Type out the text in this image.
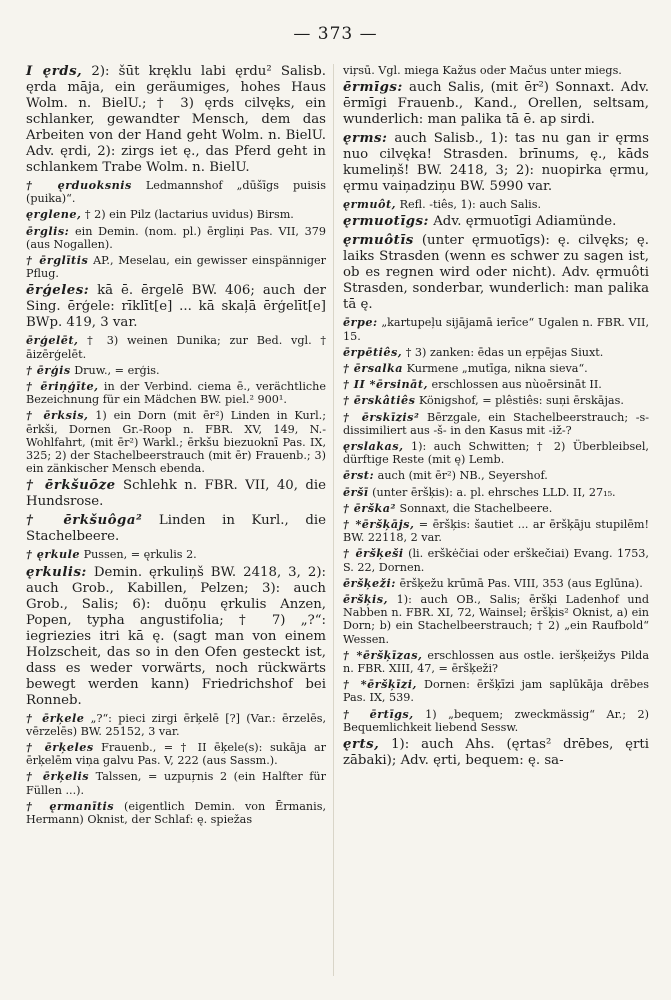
— 373 —

I ęrds, 2): šūt kręklu labi ęrdu² Salisb. ęrda māja, ein geräumiges, hohes Haus Wolm. n. BielU.; † 3) ęrds cilvęks, ein schlanker, gewandter Mensch, dem das Arbeiten von der Hand geht Wolm. n. BielU. Adv. ęrdi, 2): zirgs iet ę., das Pferd geht in schlankem Trabe Wolm. n. BielU.

† ęrduoksnis Ledmannshof „dūšīgs puisis (puika)“.

ęrglene, † 2) ein Pilz (lactarius uvidus) Birsm.

ērglis: ein Demin. (nom. pl.) ērgliņi Pas. VII, 379 (aus Nogallen).

† ērglītis AP., Meselau, ein gewisser einspänniger Pflug.

ērģeles: kā ē. ērgelē BW. 406; auch der Sing. ērģele: rīklīt[e] ... kā skaļā ērģelīt[e] BWp. 419, 3 var.

ērģelēt, † 3) weinen Dunika; zur Bed. vgl. † āizērģelēt.

† ērģis Druw., = erģis.

† ēriņģīte, in der Verbind. ciema ē., verächtliche Bezeichnung für ein Mädchen BW. piel.² 900¹.

† ērksis, 1) ein Dorn (mit ēr²) Linden in Kurl.; ērkši, Dornen Gr.-Roop n. FBR. XV, 149, N.-Wohlfahrt, (mit ēr²) Warkl.; ērkšu biezuoknī Pas. IX, 325; 2) der Stachelbeerstrauch (mit ēr) Frauenb.; 3) ein zänkischer Mensch ebenda.

† ērkšuōze Schlehk n. FBR. VII, 40, die Hundsrose.

† ērkšuôga² Linden in Kurl., die Stachelbeere.

† ęrkule Pussen, = ęrkulis 2.

ęrkulis: Demin. ęrkuliņš BW. 2418, 3, 2): auch Grob., Kabillen, Pelzen; 3): auch Grob., Salis; 6): duõņu ęrkulis Anzen, Popen, typha angustifolia; † 7) „?“: iegriezies itri kā ę. (sagt man von einem Holzscheit, das so in den Ofen gesteckt ist, dass es weder vorwärts, noch rückwärts bewegt werden kann) Friedrichshof bei Ronneb.

† ērķele „?“: pieci zirgi ērķelē [?] (Var.: ērzelēs, vērzelēs) BW. 25152, 3 var.

† ērķeles Frauenb., = † II ēķele(s): sukāja ar ērķelēm viņa galvu Pas. V, 222 (aus Sassm.).

† ērķelis Talssen, = uzpuŗnis 2 (ein Halfter für Füllen ...).

† ęrmanītis (eigentlich Demin. von Ērmanis, Hermann) Oknist, der Schlaf: ę. spiežas

viŗsū. Vgl. miega Kažus oder Mačus unter miegs.

ērmīgs: auch Salis, (mit ēr²) Sonnaxt. Adv. ērmīgi Frauenb., Kand., Orellen, seltsam, wunderlich: man palika tā ē. ap sirdi.

ęrms: auch Salisb., 1): tas nu gan ir ęrms nuo cilvęka! Strasden. brīnums, ę., kāds kumeliņš! BW. 2418, 3; 2): nuopirka ęrmu, ęrmu vaiņadziņu BW. 5990 var.

ęrmuôt, Refl. -tiês, 1): auch Salis.

ęrmuotīgs: Adv. ęrmuotīgi Adiamünde.

ęrmuôtīs (unter ęrmuotīgs): ę. cilvęks; ę. laiks Strasden (wenn es schwer zu sagen ist, ob es regnen wird oder nicht). Adv. ęrmuôti Strasden, sonderbar, wunderlich: man palika tā ę.

ērpe: „kartupeļu sijājamā ierīce“ Ugalen n. FBR. VII, 15.

ērpētiês, † 3) zanken: ēdas un eŗpējas Siuxt.

† ērsalka Kurmene „mutīga, nikna sieva“.

† II *ērsināt, erschlossen aus nùoērsināt II.

† ērskâtiês Königshof, = plêstiês: suņi ērskājas.

† ērskīzis² Bērzgale, ein Stachelbeerstrauch; -s- dissimiliert aus -š- in den Kasus mit -iž-?

ęrslakas, 1): auch Schwitten; † 2) Überbleibsel, dürftige Reste (mit ę) Lemb.

ērst: auch (mit ēr²) NB., Seyershof.

ēršī (unter ēršķis): a. pl. ehrsches LLD. II, 27₁₅.

† ērška² Sonnaxt, die Stachelbeere.

† *ēršķājs, = ēršķis: šautiet ... ar ēršķāju stupilēm! BW. 22118, 2 var.

† ēršķeši (li. erškėčiai oder erškečiai) Evang. 1753, S. 22, Dornen.

ēršķeži: ēršķežu krūmā Pas. VIII, 353 (aus Eglūna).

ēršķis, 1): auch OB., Salis; ēršķi Ladenhof und Nabben n. FBR. XI, 72, Wainsel; ēršķis² Oknist, a) ein Dorn; b) ein Stachelbeerstrauch; † 2) „ein Raufbold“ Wessen.

† *ēršķīzas, erschlossen aus ostle. ieršķeižys Pilda n. FBR. XIII, 47, = ēršķeži?

† *ēršķīzi, Dornen: ēršķīzi jam saplūkāja drēbes Pas. IX, 539.

† ērtīgs, 1) „bequem; zweckmässig“ Ar.; 2) Bequemlichkeit liebend Sessw.

ęrts, 1): auch Ahs. (ęrtas² drēbes, ęrti zābaki); Adv. ęrti, bequem: ę. sa-
